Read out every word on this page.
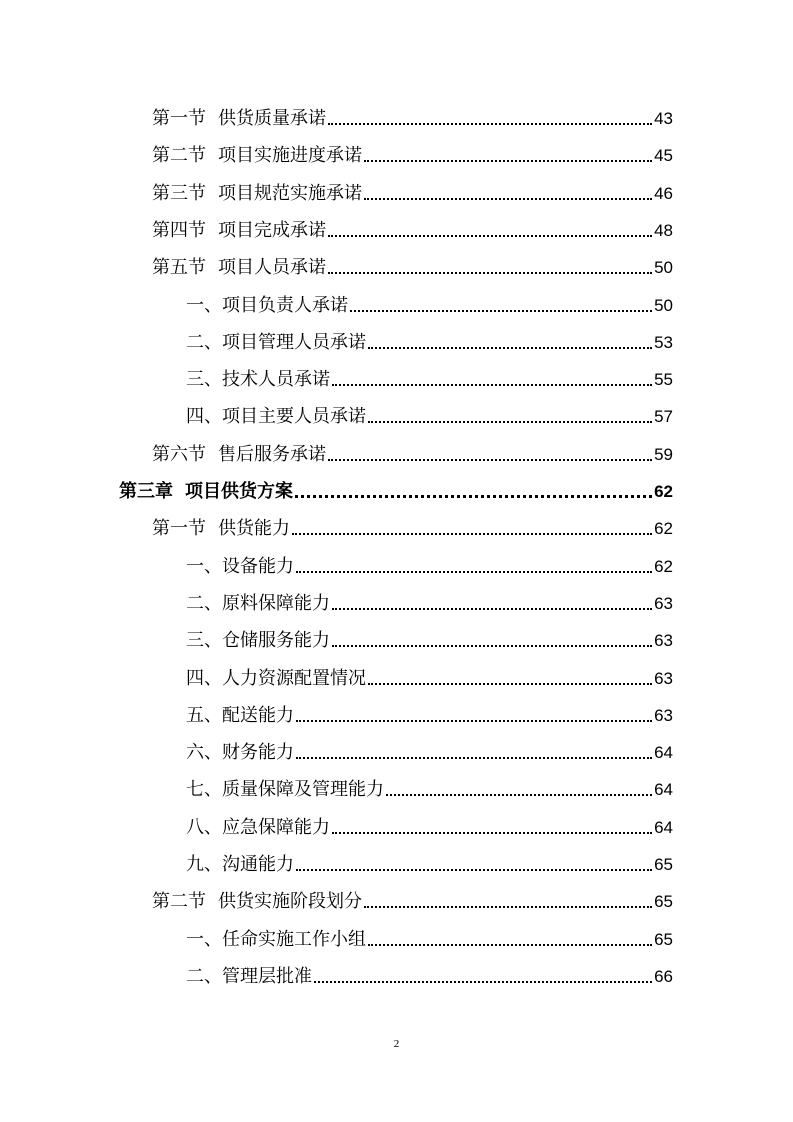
第一节 供货质量承诺	43
第二节 项目实施进度承诺	45
第三节 项目规范实施承诺	46
第四节 项目完成承诺	48
第五节 项目人员承诺	50
一、项目负责人承诺	50
二、项目管理人员承诺	53
三、技术人员承诺	55
四、项目主要人员承诺	57
第六节 售后服务承诺	59
第三章 项目供货方案	62
第一节 供货能力	62
一、设备能力	62
二、原料保障能力	63
三、仓储服务能力	63
四、人力资源配置情况	63
五、配送能力	63
六、财务能力	64
七、质量保障及管理能力	64
八、应急保障能力	64
九、沟通能力	65
第二节 供货实施阶段划分	65
一、任命实施工作小组	65
二、管理层批准	66
2
